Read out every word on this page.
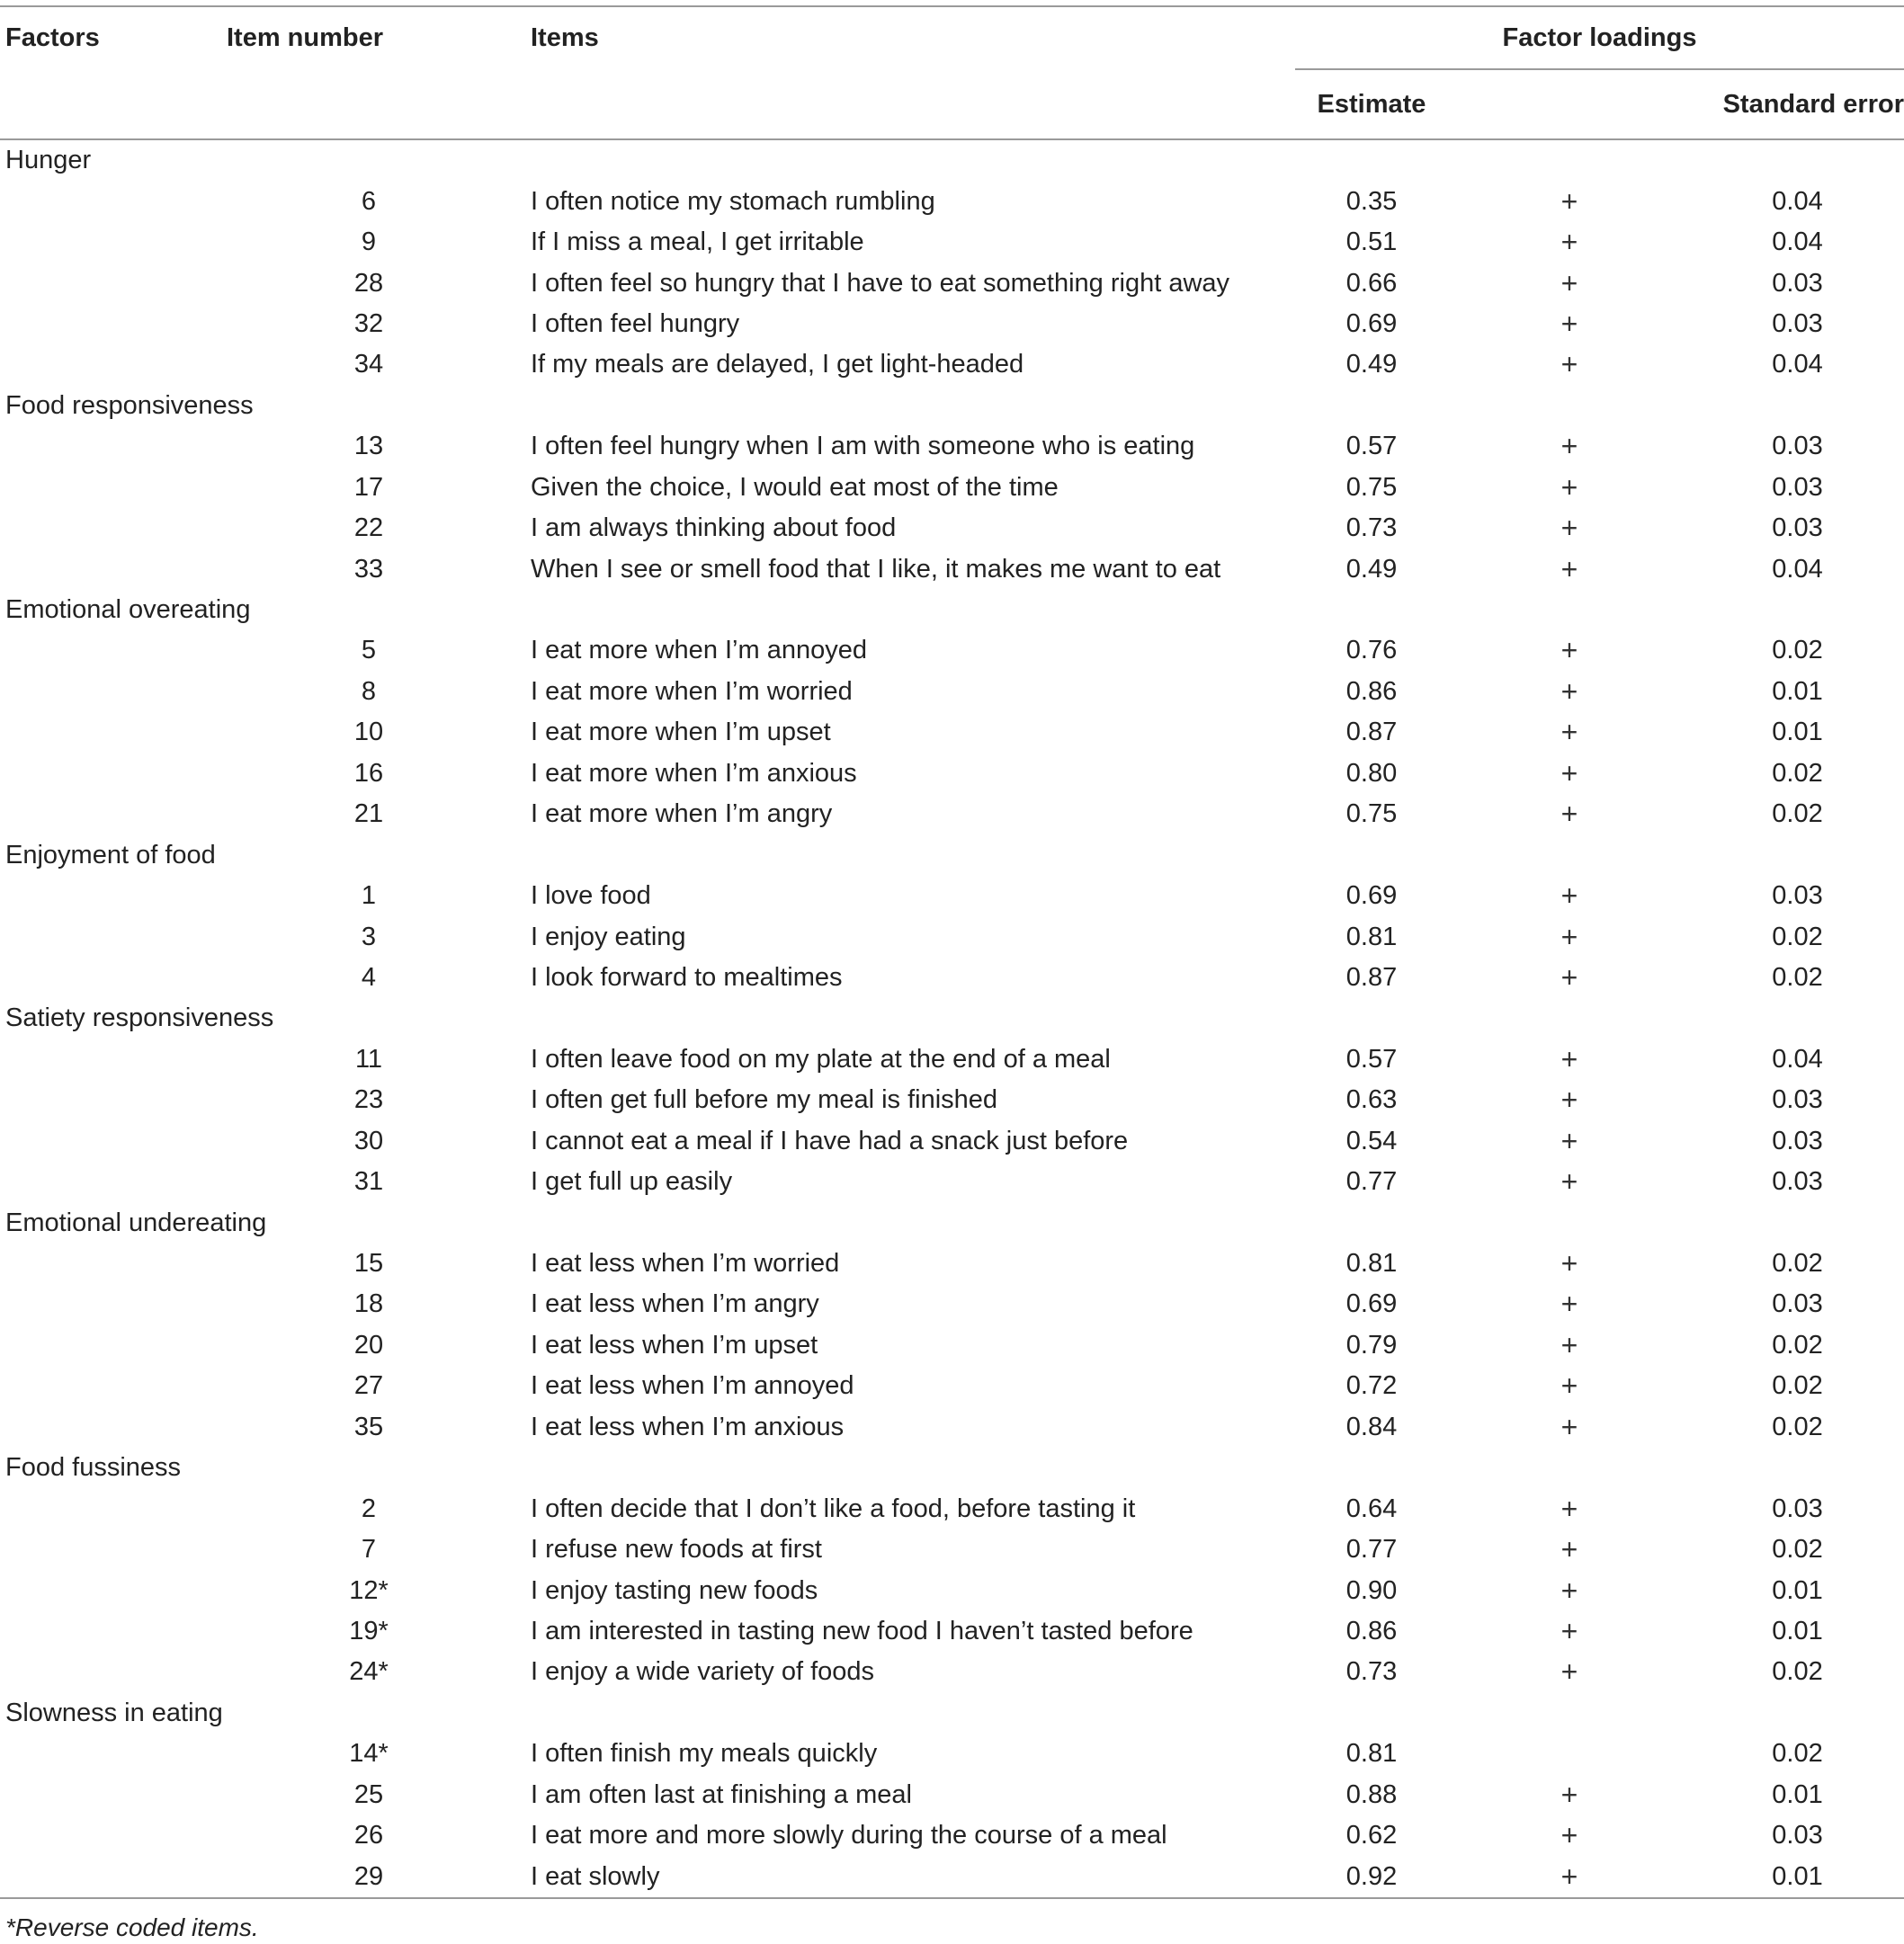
Factors	Item number	Items	Factor loadings		
			Estimate		Standard error
Hunger					
	6	I often notice my stomach rumbling	0.35	+	0.04
	9	If I miss a meal, I get irritable	0.51	+	0.04
	28	I often feel so hungry that I have to eat something right away	0.66	+	0.03
	32	I often feel hungry	0.69	+	0.03
	34	If my meals are delayed, I get light-headed	0.49	+	0.04
Food responsiveness					
	13	I often feel hungry when I am with someone who is eating	0.57	+	0.03
	17	Given the choice, I would eat most of the time	0.75	+	0.03
	22	I am always thinking about food	0.73	+	0.03
	33	When I see or smell food that I like, it makes me want to eat	0.49	+	0.04
Emotional overeating					
	5	I eat more when I’m annoyed	0.76	+	0.02
	8	I eat more when I’m worried	0.86	+	0.01
	10	I eat more when I’m upset	0.87	+	0.01
	16	I eat more when I’m anxious	0.80	+	0.02
	21	I eat more when I’m angry	0.75	+	0.02
Enjoyment of food					
	1	I love food	0.69	+	0.03
	3	I enjoy eating	0.81	+	0.02
	4	I look forward to mealtimes	0.87	+	0.02
Satiety responsiveness					
	11	I often leave food on my plate at the end of a meal	0.57	+	0.04
	23	I often get full before my meal is finished	0.63	+	0.03
	30	I cannot eat a meal if I have had a snack just before	0.54	+	0.03
	31	I get full up easily	0.77	+	0.03
Emotional undereating					
	15	I eat less when I’m worried	0.81	+	0.02
	18	I eat less when I’m angry	0.69	+	0.03
	20	I eat less when I’m upset	0.79	+	0.02
	27	I eat less when I’m annoyed	0.72	+	0.02
	35	I eat less when I’m anxious	0.84	+	0.02
Food fussiness					
	2	I often decide that I don’t like a food, before tasting it	0.64	+	0.03
	7	I refuse new foods at first	0.77	+	0.02
	12*	I enjoy tasting new foods	0.90	+	0.01
	19*	I am interested in tasting new food I haven’t tasted before	0.86	+	0.01
	24*	I enjoy a wide variety of foods	0.73	+	0.02
Slowness in eating					
	14*	I often finish my meals quickly	0.81		0.02
	25	I am often last at finishing a meal	0.88	+	0.01
	26	I eat more and more slowly during the course of a meal	0.62	+	0.03
	29	I eat slowly	0.92	+	0.01
*Reverse coded items.
